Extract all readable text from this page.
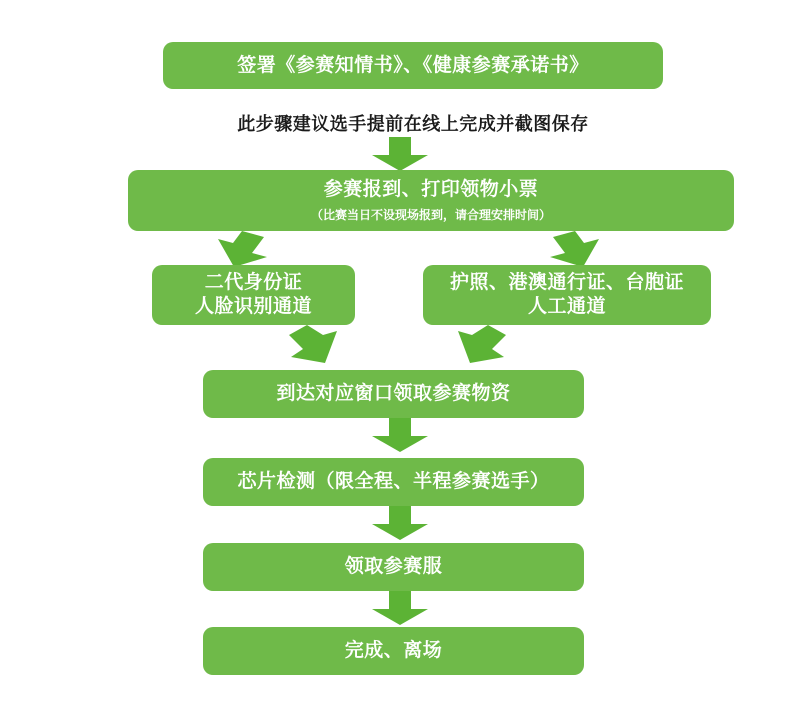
签署《参赛知情书》、《健康参赛承诺书》
此步骤建议选手提前在线上完成并截图保存
参赛报到、打印领物小票
（比赛当日不设现场报到，请合理安排时间）
二代身份证
人脸识别通道
护照、港澳通行证、台胞证
人工通道
到达对应窗口领取参赛物资
芯片检测（限全程、半程参赛选手）
领取参赛服
完成、离场
